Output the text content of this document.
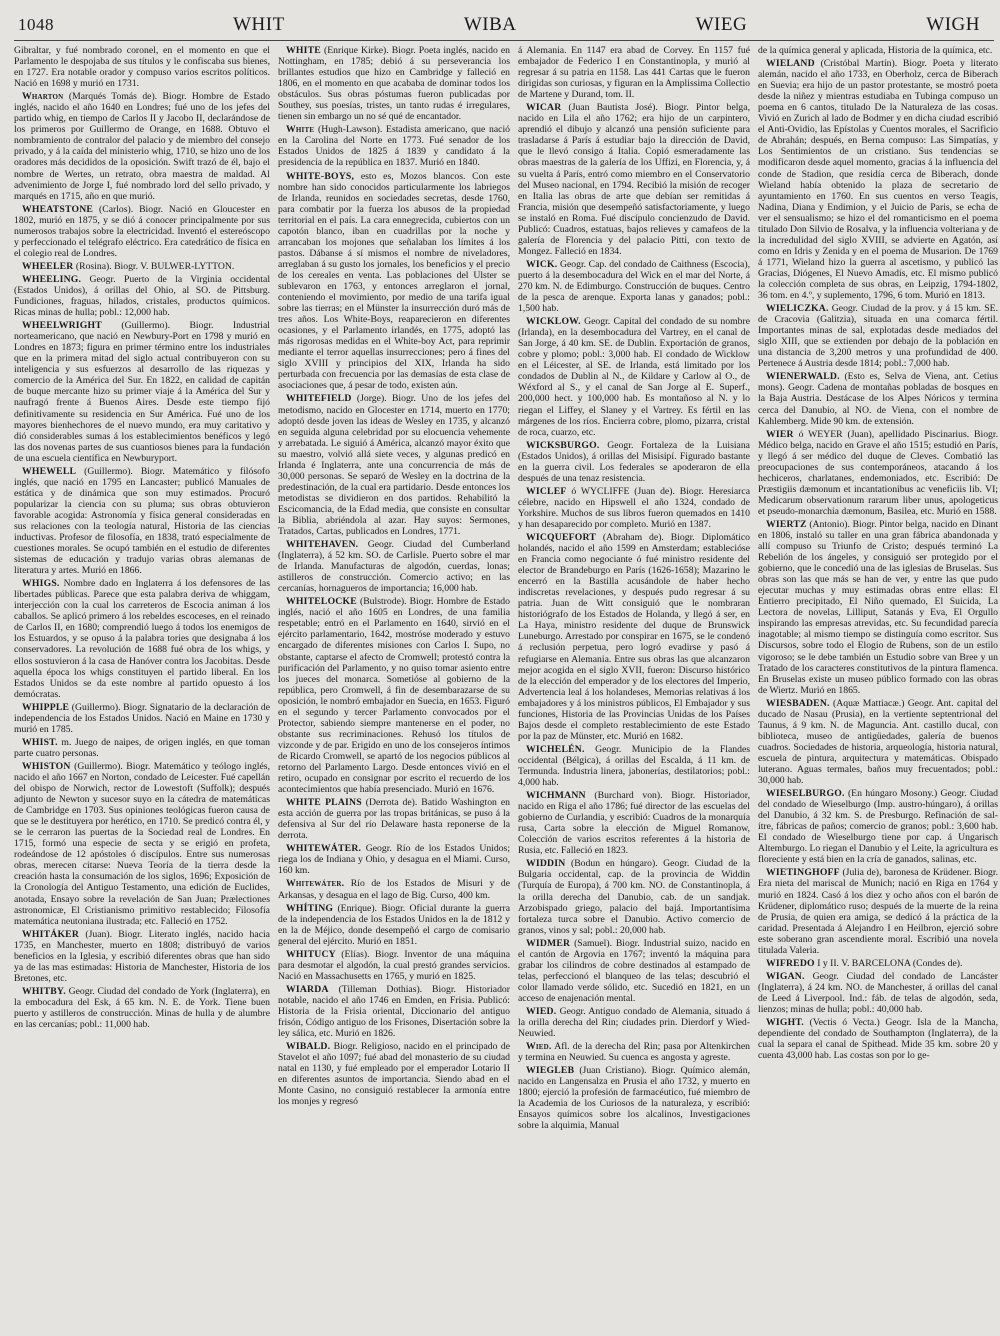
1048	WHIT	WIBA	WIEG	WIGH

Gibraltar, y fué nombrado coronel, en el momento en que el Parlamento le despojaba de sus títulos y le confiscaba sus bienes, en 1727. Era notable orador y compuso varios escritos políticos. Nació en 1698 y murió en 1731.

Wharton (Marqués Tomás de). Biogr. Hombre de Estado inglés, nacido el año 1640 en Londres; fué uno de los jefes del partido whig, en tiempo de Carlos II y Jacobo II, declarándose de los primeros por Guillermo de Orange, en 1688. Obtuvo el nombramiento de contralor del palacio y de miembro del consejo privado, y á la caída del ministerio whig, 1710, se hizo uno de los oradores más decididos de la oposición. Swift trazó de él, bajo el nombre de Wertes, un retrato, obra maestra de maldad. Al advenimiento de Jorge I, fué nombrado lord del sello privado, y marqués en 1715, año en que murió.

WHEATSTONE (Carlos). Biogr. Nació en Gloucester en 1802, murió en 1875, y se dió á conocer principalmente por sus numerosos trabajos sobre la electricidad. Inventó el estereóscopo y perfeccionado el telégrafo eléctrico. Era catedrático de física en el colegio real de Londres.

WHEELER (Rosina). Biogr. V. BULWER-LYTTON.

WHEELING. Geogr. Puerto de la Virginia occidental (Estados Unidos), á orillas del Ohio, al SO. de Pittsburg. Fundiciones, fraguas, hilados, cristales, productos químicos. Ricas minas de hulla; pobl.: 12,000 hab.

WHEELWRIGHT (Guillermo). Biogr. Industrial norteamericano, que nació en Newbury-Port en 1798 y murió en Londres en 1873; figura en primer término entre los industriales que en la primera mitad del siglo actual contribuyeron con su inteligencia y sus esfuerzos al desarrollo de las riquezas y comercio de la América del Sur. En 1822, en calidad de capitán de buque mercante hizo su primer viaje á la América del Sur y naufragó frente á Buenos Aires. Desde este tiempo fijó definitivamente su residencia en Sur América. Fué uno de los mayores bienhechores de el nuevo mundo, era muy caritativo y dió considerables sumas á los establecimientos benéficos y legó las dos novenas partes de sus cuantiosos bienes para la fundación de una escuela científica en Newburyport.

WHEWELL (Guillermo). Biogr. Matemático y filósofo inglés, que nació en 1795 en Lancaster; publicó Manuales de estática y de dinámica que son muy estimados. Procuró popularizar la ciencia con su pluma; sus obras obtuvieron favorable acogida: Astronomía y física general consideradas en sus relaciones con la teología natural, Historia de las ciencias inductivas. Profesor de filosofía, en 1838, trató especialmente de cuestiones morales. Se ocupó también en el estudio de diferentes sistemas de educación y tradujo varias obras alemanas de literatura y artes. Murió en 1866.

WHIGS. Nombre dado en Inglaterra á los defensores de las libertades públicas. Parece que esta palabra deriva de whiggam, interjección con la cual los carreteros de Escocia animan á los caballos. Se aplicó primero á los rebeldes escoceses, en el reinado de Carlos II, en 1680; comprendió luego á todos los enemigos de los Estuardos, y se opuso á la palabra tories que designaba á los conservadores. La revolución de 1688 fué obra de los whigs, y ellos sostuvieron á la casa de Hanóver contra los Jacobitas. Desde aquella época los whigs constituyen el partido liberal. En los Estados Unidos se da este nombre al partido opuesto á los demócratas.

WHIPPLE (Guillermo). Biogr. Signatario de la declaración de independencia de los Estados Unidos. Nació en Maine en 1730 y murió en 1785.

WHIST. m. Juego de naipes, de origen inglés, en que toman parte cuatro personas.

WHISTON (Guillermo). Biogr. Matemático y teólogo inglés, nacido el año 1667 en Norton, condado de Leicester. Fué capellán del obispo de Norwich, rector de Lowestoft (Suffolk); después adjunto de Newton y sucesor suyo en la cátedra de matemáticas de Cambridge en 1703. Sus opiniones teológicas fueron causa de que se le destituyera por herético, en 1710. Se predicó contra él, y se le cerraron las puertas de la Sociedad real de Londres. En 1715, formó una especie de secta y se erigió en profeta, rodeándose de 12 apóstoles ó discípulos. Entre sus numerosas obras, merecen citarse: Nueva Teoría de la tierra desde la creación hasta la consumación de los siglos, 1696; Exposición de la Cronología del Antiguo Testamento, una edición de Euclides, anotada, Ensayo sobre la revelación de San Juan; Prælectiones astronomicæ, El Cristianismo primitivo restablecido; Filosofía matemática neutoniana ilustrada; etc. Falleció en 1752.

WHITÁKER (Juan). Biogr. Literato inglés, nacido hacia 1735, en Manchester, muerto en 1808; distribuyó de varios beneficios en la Iglesia, y escribió diferentes obras que han sido ya de las mas estimadas: Historia de Manchester, Historia de los Bretones, etc.

WHITBY. Geogr. Ciudad del condado de York (Inglaterra), en la embocadura del Esk, á 65 km. N. E. de York. Tiene buen puerto y astilleros de construcción. Minas de hulla y de alumbre en las cercanías; pobl.: 11,000 hab.

WHITE (Enrique Kirke). Biogr. Poeta inglés, nacido en Nottingham, en 1785; debió á su perseverancia los brillantes estudios que hizo en Cambridge y falleció en 1806, en el momento en que acababa de dominar todos los obstáculos. Sus obras póstumas fueron publicadas por Southey, sus poesías, tristes, un tanto rudas é irregulares, tienen sin embargo un no sé qué de encantador.

White (Hugh-Lawson). Estadista americano, que nació en la Carolina del Norte en 1773. Fué senador de los Estados Unidos de 1825 á 1839 y candidato á la presidencia de la república en 1837. Murió en 1840.

WHITE-BOYS, esto es, Mozos blancos. Con este nombre han sido conocidos particularmente los labriegos de Irlanda, reunidos en sociedades secretas, desde 1760, para combatir por la fuerza los abusos de la propiedad territorial en el país. La cara ennegrecida, cubiertos con un capotón blanco, iban en cuadrillas por la noche y arrancaban los mojones que señalaban los límites á los pastos. Dábanse á sí mismos el nombre de niveladores, arreglaban á su gusto los jornales, los beneficios y el precio de los cereales en venta. Las poblaciones del Ulster se sublevaron en 1763, y entonces arreglaron el jornal, conteniendo el movimiento, por medio de una tarifa igual sobre las tierras; en el Münster la insurrección duró más de tres años. Los White-Boys, reaparecieron en diferentes ocasiones, y el Parlamento irlandés, en 1775, adoptó las más rigorosas medidas en el White-boy Act, para reprimir mediante el terror aquellas insurrecciones; pero á fines del siglo XVIII y principios del XIX, Irlanda ha sido perturbada con frecuencia por las demasías de esta clase de asociaciones que, á pesar de todo, existen aún.

WHITEFIELD (Jorge). Biogr. Uno de los jefes del metodismo, nacido en Glocester en 1714, muerto en 1770; adoptó desde joven las ideas de Wesley en 1735, y alcanzó en seguida alguna celebridad por su elocuencia vehemente y arrebatada. Le siguió á América, alcanzó mayor éxito que su maestro, volvió allá siete veces, y algunas predicó en Irlanda é Inglaterra, ante una concurrencia de más de 30,000 personas. Se separó de Wesley en la doctrina de la predestinación, de la cual era partidario. Desde entonces los metodistas se dividieron en dos partidos. Rehabilitó la Escicomancia, de la Edad media, que consiste en consultar la Biblia, abriéndola al azar. Hay suyos: Sermones, Tratados, Cartas, publicados en Londres, 1771.

WHITEHAVEN. Geogr. Ciudad del Cumberland (Inglaterra), á 52 km. SO. de Carlisle. Puerto sobre el mar de Irlanda. Manufacturas de algodón, cuerdas, lonas; astilleros de construcción. Comercio activo; en las cercanías, hornagueros de importancia; 16,000 hab.

WHITELOCKE (Bulstrode). Biogr. Hombre de Estado inglés, nació el año 1605 en Londres, de una familia respetable; entró en el Parlamento en 1640, sirvió en el ejército parlamentario, 1642, mostróse moderado y estuvo encargado de diferentes misiones con Carlos I. Supo, no obstante, captarse el afecto de Cromwell; protestó contra la purificación del Parlamento, y no quiso tomar asiento entre los jueces del monarca. Sometióse al gobierno de la república, pero Cromwell, á fin de desembarazarse de su oposición, le nombró embajador en Suecia, en 1653. Figuró en el segundo y tercer Parlamento convocados por el Protector, sabiendo siempre mantenerse en el poder, no obstante sus recriminaciones. Rehusó los títulos de vizconde y de par. Erigido en uno de los consejeros íntimos de Ricardo Cromwell, se apartó de los negocios públicos al retorno del Parlamento Largo. Desde entonces vivió en el retiro, ocupado en consignar por escrito el recuerdo de los acontecimientos que había presenciado. Murió en 1676.

WHITE PLAINS (Derrota de). Batido Washington en esta acción de guerra por las tropas británicas, se puso á la defensiva al Sur del río Delaware hasta reponerse de la derrota.

WHITEWÁTER. Geogr. Río de los Estados Unidos; riega los de Indiana y Ohio, y desagua en el Miami. Curso, 160 km.

Whitewáter. Río de los Estados de Misuri y de Arkansas, y desagua en el lago de Big. Curso, 400 km.

WHÍTING (Enrique). Biogr. Oficial durante la guerra de la independencia de los Estados Unidos en la de 1812 y en la de Méjico, donde desempeñó el cargo de comisario general del ejército. Murió en 1851.

WHITUCY (Elías). Biogr. Inventor de una máquina para desmotar el algodón, la cual prestó grandes servicios. Nació en Massachusetts en 1765, y murió en 1825.

WIARDA (Tilleman Dothias). Biogr. Historiador notable, nacido el año 1746 en Emden, en Frisia. Publicó: Historia de la Frisia oriental, Diccionario del antiguo frisón, Código antiguo de los Frisones, Disertación sobre la ley sálica, etc. Murió en 1826.

WIBALD. Biogr. Religioso, nacido en el principado de Stavelot el año 1097; fué abad del monasterio de su ciudad natal en 1130, y fué empleado por el emperador Lotario II en diferentes asuntos de importancia. Siendo abad en el Monte Casino, no consiguió restablecer la armonía entre los monjes y regresó

á Alemania. En 1147 era abad de Corvey. En 1157 fué embajador de Federico I en Constantinopla, y murió al regresar á su patria en 1158. Las 441 Cartas que le fueron dirigidas son curiosas, y figuran en la Amplissima Collectio de Martene y Durand, tom. II.

WICAR (Juan Bautista José). Biogr. Pintor belga, nacido en Lila el año 1762; era hijo de un carpintero, aprendió el dibujo y alcanzó una pensión suficiente para trasladarse á París á estudiar bajo la dirección de David, que le llevó consigo á Italia. Copió esmeradamente las obras maestras de la galería de los Uffizi, en Florencia, y, á su vuelta á París, entró como miembro en el Conservatorio del Museo nacional, en 1794. Recibió la misión de recoger en Italia las obras de arte que debían ser remitidas á Francia, misión que desempeñó satisfactoriamente, y luego se instaló en Roma. Fué discípulo concienzudo de David. Publicó: Cuadros, estatuas, bajos relieves y camafeos de la galería de Florencia y del palacio Pitti, con texto de Mongez. Falleció en 1834.

WICK. Geogr. Cap. del condado de Caithness (Escocia), puerto á la desembocadura del Wick en el mar del Norte, á 270 km. N. de Edimburgo. Construcción de buques. Centro de la pesca de arenque. Exporta lanas y ganados; pobl.: 1,500 hab.

WICKLOW. Geogr. Capital del condado de su nombre (Irlanda), en la desembocadura del Vartrey, en el canal de San Jorge, á 40 km. SE. de Dublin. Exportación de granos, cobre y plomo; pobl.: 3,000 hab. El condado de Wicklow en el Léicester, al SE. de Irlanda, está limitado por los condados de Dublin al N., de Kildare y Carlow al O., de Wéxford al S., y el canal de San Jorge al E. Superf., 200,000 hect. y 100,000 hab. Es montañoso al N. y lo riegan el Liffey, el Slaney y el Vartrey. Es fértil en las márgenes de los ríos. Encierra cobre, plomo, pizarra, cristal de roca, cuarzo, etc.

WICKSBURGO. Geogr. Fortaleza de la Luisiana (Estados Unidos), á orillas del Misisipí. Figurado bastante en la guerra civil. Los federales se apoderaron de ella después de una tenaz resistencia.

WICLEF ó WYCLIFFE (Juan de). Biogr. Heresiarca célebre, nacido en Hipswell el año 1324, condado de Yorkshire. Muchos de sus libros fueron quemados en 1410 y han desaparecido por completo. Murió en 1387.

WICQUEFORT (Abraham de). Biogr. Diplomático holandés, nacido el año 1599 en Amsterdam; establecióse en Francia como negociante ó fué ministro residente del elector de Brandeburgo en París (1626-1658); Mazarino le encerró en la Bastilla acusándole de haber hecho indiscretas revelaciones, y después pudo regresar á su patria. Juan de Witt consiguió que le nombraran historiógrafo de los Estados de Holanda, y llegó á ser, en La Haya, ministro residente del duque de Brunswick Luneburgo. Arrestado por conspirar en 1675, se le condenó á reclusión perpetua, pero logró evadirse y pasó á refugiarse en Alemania. Entre sus obras las que alcanzaron mejor acogida en el siglo XVII, fueron: Discurso histórico de la elección del emperador y de los electores del Imperio, Advertencia leal á los holandeses, Memorias relativas á los embajadores y á los ministros públicos, El Embajador y sus funciones, Historia de las Provincias Unidas de los Países Bajos desde el completo restablecimiento de este Estado por la paz de Münster, etc. Murió en 1682.

WICHELÉN. Geogr. Municipio de la Flandes occidental (Bélgica), á orillas del Escalda, á 11 km. de Termunda. Industria linera, jabonerías, destilatorios; pobl.: 4,000 hab.

WICHMANN (Burchard von). Biogr. Historiador, nacido en Riga el año 1786; fué director de las escuelas del gobierno de Curlandia, y escribió: Cuadros de la monarquía rusa, Carta sobre la elección de Miguel Romanow, Colección de varios escritos referentes á la historia de Rusia, etc. Falleció en 1823.

WIDDIN (Bodun en húngaro). Geogr. Ciudad de la Bulgaria occidental, cap. de la provincia de Widdin (Turquía de Europa), á 700 km. NO. de Constantinopla, á la orilla derecha del Danubio, cab. de un sandjak. Arzobispado griego, palacio del bajá. Importantísima fortaleza turca sobre el Danubio. Activo comercio de granos, vinos y sal; pobl.: 20,000 hab.

WIDMER (Samuel). Biogr. Industrial suizo, nacido en el cantón de Argovia en 1767; inventó la máquina para grabar los cilindros de cobre destinados al estampado de telas, perfeccionó el blanqueo de las telas; descubrió el color llamado verde sólido, etc. Sucedió en 1821, en un acceso de enajenación mental.

WIED. Geogr. Antiguo condado de Alemania, situado á la orilla derecha del Rin; ciudades prin. Dierdorf y Wied-Neuwied.

Wied. Afl. de la derecha del Rin; pasa por Altenkirchen y termina en Neuwied. Su cuenca es angosta y agreste.

WIEGLEB (Juan Cristiano). Biogr. Químico alemán, nacido en Langensalza en Prusia el año 1732, y muerto en 1800; ejerció la profesión de farmacéutico, fué miembro de la Academia de los Curiosos de la naturaleza, y escribió: Ensayos químicos sobre los alcalinos, Investigaciones sobre la alquimia, Manual

de la química general y aplicada, Historia de la química, etc.

WIELAND (Cristóbal Martín). Biogr. Poeta y literato alemán, nacido el año 1733, en Oberholz, cerca de Biberach en Suevia; era hijo de un pastor protestante, se mostró poeta desde la niñez y mientras estudiaba en Tubinga compuso un poema en 6 cantos, titulado De la Naturaleza de las cosas. Vivió en Zurich al lado de Bodmer y en dicha ciudad escribió el Anti-Ovidio, las Epístolas y Cuentos morales, el Sacrificio de Abrahán; después, en Berna compuso: Las Simpatías, y Los Sentimientos de un cristiano. Sus tendencias se modificaron desde aquel momento, gracias á la influencia del conde de Stadion, que residía cerca de Biberach, donde Wieland había obtenido la plaza de secretario de ayuntamiento en 1760. En sus cuentos en verso Teagis, Nadina, Diana y Endimion, y el Juicio de Paris, se echa de ver el sensualismo; se hizo el del romanticismo en el poema titulado Don Silvio de Rosalva, y la influencia volteriana y de la incredulidad del siglo XVIII, se advierte en Agatón, así como en Idris y Zenida y en el poema de Musarion. De 1769 á 1771, Wieland hizo la guerra al ascetismo, y publicó las Gracias, Diógenes, El Nuevo Amadís, etc. El mismo publicó la colección completa de sus obras, en Leipzig, 1794-1802, 36 tom. en 4.º, y suplemento, 1796, 6 tom. Murió en 1813.

WIELICZKA. Geogr. Ciudad de la prov. y á 15 km. SE. de Cracovia (Galitzia), situada en una comarca fértil. Importantes minas de sal, explotadas desde mediados del siglo XIII, que se extienden por debajo de la población en una distancia de 3,200 metros y una profundidad de 400. Pertenece á Austria desde 1814; pobl.: 7,000 hab.

WIENERWALD. (Esto es, Selva de Viena, ant. Cetius mons). Geogr. Cadena de montañas pobladas de bosques en la Baja Austria. Destácase de los Alpes Nóricos y termina cerca del Danubio, al NO. de Viena, con el nombre de Kahlemberg. Mide 90 km. de extensión.

WIER ó WEYER (Juan), apellidado Piscinarius. Biogr. Médico belga, nacido en Grave el año 1515; estudió en París, y llegó á ser médico del duque de Cleves. Combatió las preocupaciones de sus contemporáneos, atacando á los hechiceros, charlatanes, endemoniados, etc. Escribió: De Præstigiis dæmonum et incantationibus ac veneficiis lib. VI; Medicarum observationum rararum liber unus, apologeticus et pseudo-monarchia dæmonum, Basilea, etc. Murió en 1588.

WIERTZ (Antonio). Biogr. Pintor belga, nacido en Dinant en 1806, instaló su taller en una gran fábrica abandonada y allí compuso su Triunfo de Cristo; después terminó La Rebelión de los ángeles, y consiguió ser protegido por el gobierno, que le concedió una de las iglesias de Bruselas. Sus obras son las que más se han de ver, y entre las que pudo ejecutar muchas y muy estimadas obras entre ellas: El Entierro precipitado, El Niño quemado, El Suicida, La Lectora de novelas, Lilliput, Satanás y Eva, El Orgullo inspirando las empresas atrevidas, etc. Su fecundidad parecía inagotable; al mismo tiempo se distinguía como escritor. Sus Discursos, sobre todo el Elogio de Rubens, son de un estilo vigoroso; se le debe también un Estudio sobre van Bree y un Tratado de los caracteres constitutivos de la pintura flamenca. En Bruselas existe un museo público formado con las obras de Wiertz. Murió en 1865.

WIESBADEN. (Aquæ Mattiacæ.) Geogr. Ant. capital del ducado de Nasau (Prusia), en la vertiente septentrional del Taunus, á 9 km. N. de Maguncia. Ant. castillo ducal, con biblioteca, museo de antigüedades, galería de buenos cuadros. Sociedades de historia, arqueología, historia natural, escuela de pintura, arquitectura y matemáticas. Obispado luterano. Aguas termales, baños muy frecuentados; pobl.: 30,000 hab.

WIESELBURGO. (En húngaro Mosony.) Geogr. Ciudad del condado de Wieselburgo (Imp. austro-húngaro), á orillas del Danubio, á 32 km. S. de Presburgo. Refinación de sal-ítre, fábricas de paños; comercio de granos; pobl.: 3,600 hab. El condado de Wieselburgo tiene por cap. á Ungarisch Altemburgo. Lo riegan el Danubio y el Leite, la agricultura es floreciente y está bien en la cría de ganados, salinas, etc.

WIETINGHOFF (Julia de), baronesa de Krüdener. Biogr. Era nieta del mariscal de Munich; nació en Riga en 1764 y murió en 1824. Casó á los diez y ocho años con el barón de Krüdener, diplomático ruso; después de la muerte de la reina de Prusia, de quien era amiga, se dedicó á la práctica de la caridad. Presentada á Alejandro I en Heilbron, ejerció sobre este soberano gran ascendiente moral. Escribió una novela titulada Valeria.

WIFREDO I y II. V. BARCELONA (Condes de).

WIGAN. Geogr. Ciudad del condado de Lancáster (Inglaterra), á 24 km. NO. de Manchester, á orillas del canal de Leed á Liverpool. Ind.: fáb. de telas de algodón, seda, lienzos; minas de hulla; pobl.: 40,000 hab.

WIGHT. (Vectis ó Vecta.) Geogr. Isla de la Mancha, dependiente del condado de Southampton (Inglaterra), de la cual la separa el canal de Spithead. Mide 35 km. sobre 20 y cuenta 43,000 hab. Las costas son por lo ge-
